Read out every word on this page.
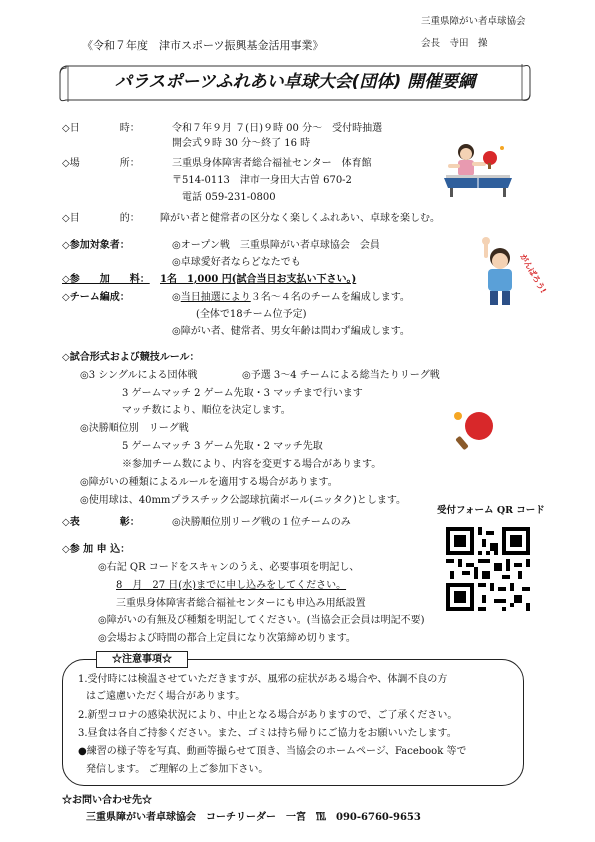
三重県障がい者卓球協会
会長　寺田　操
《令和７年度　津市スポーツ振興基金活用事業》
パラスポーツふれあい卓球大会(団体) 開催要綱
◇日　　　　時：	令和７年９月 ７(日)９時 00 分～　受付時抽選
開会式９時 30 分～終了 16 時
◇場　　　　所：	三重県身体障害者総合福祉センター　体育館
〒514-0113　津市一身田大古曽 670-2
電話 059-231-0800
◇目　　　　的： 障がい者と健常者の区分なく楽しくふれあい、卓球を楽しむ。
◇参加対象者：	◎オープン戦　三重県障がい者卓球協会　会員
◎卓球愛好者ならどなたでも	がんばろう!
◇参　　加　　料： 1名　1,000 円(試合当日お支払い下さい。)
◇チーム編成：	◎当日抽選により３名～４名のチームを編成します。
(全体で18チーム位予定)
◎障がい者、健常者、男女年齢は問わず編成します。
◇試合形式および競技ルール：
◎3 シングルによる団体戦	◎予選 3～4 チームによる総当たりリーグ戦
3 ゲームマッチ 2 ゲーム先取・3 マッチまで行います
マッチ数により、順位を決定します。
◎決勝順位別　リーグ戦
5 ゲームマッチ 3 ゲーム先取・2 マッチ先取
※参加チーム数により、内容を変更する場合があります。
◎障がいの種類によるルールを適用する場合があります。
◎使用球は、40mmプラスチック公認球抗菌ボール(ニッタク)とします。
◇表　　　　彰：	◎決勝順位別リーグ戦の１位チームのみ
受付フォーム QR コード
◇参 加 申 込：
◎右記 QR コードをスキャンのうえ、必要事項を明記し、
8　月　27 日(水)までに申し込みをしてください。
三重県身体障害者総合福祉センターにも申込み用紙設置
◎障がいの有無及び種類を明記してください。(当協会正会員は明記不要)
◎会場および時間の都合上定員になり次第締め切ります。
☆注意事項☆
1.受付時には検温させていただきますが、風邪の症状がある場合や、体調不良の方
はご遠慮いただく場合があります。
2.新型コロナの感染状況により、中止となる場合がありますので、ご了承ください。
3.昼食は各自ご持参ください。また、ゴミは持ち帰りにご協力をお願いいたします。
●練習の様子等を写真、動画等撮らせて頂き、当協会のホームページ、Facebook 等で
発信します。 ご理解の上ご参加下さい。
☆お問い合わせ先☆
三重県障がい者卓球協会　コーチリーダー　一宮　℡　090-6760-9653
